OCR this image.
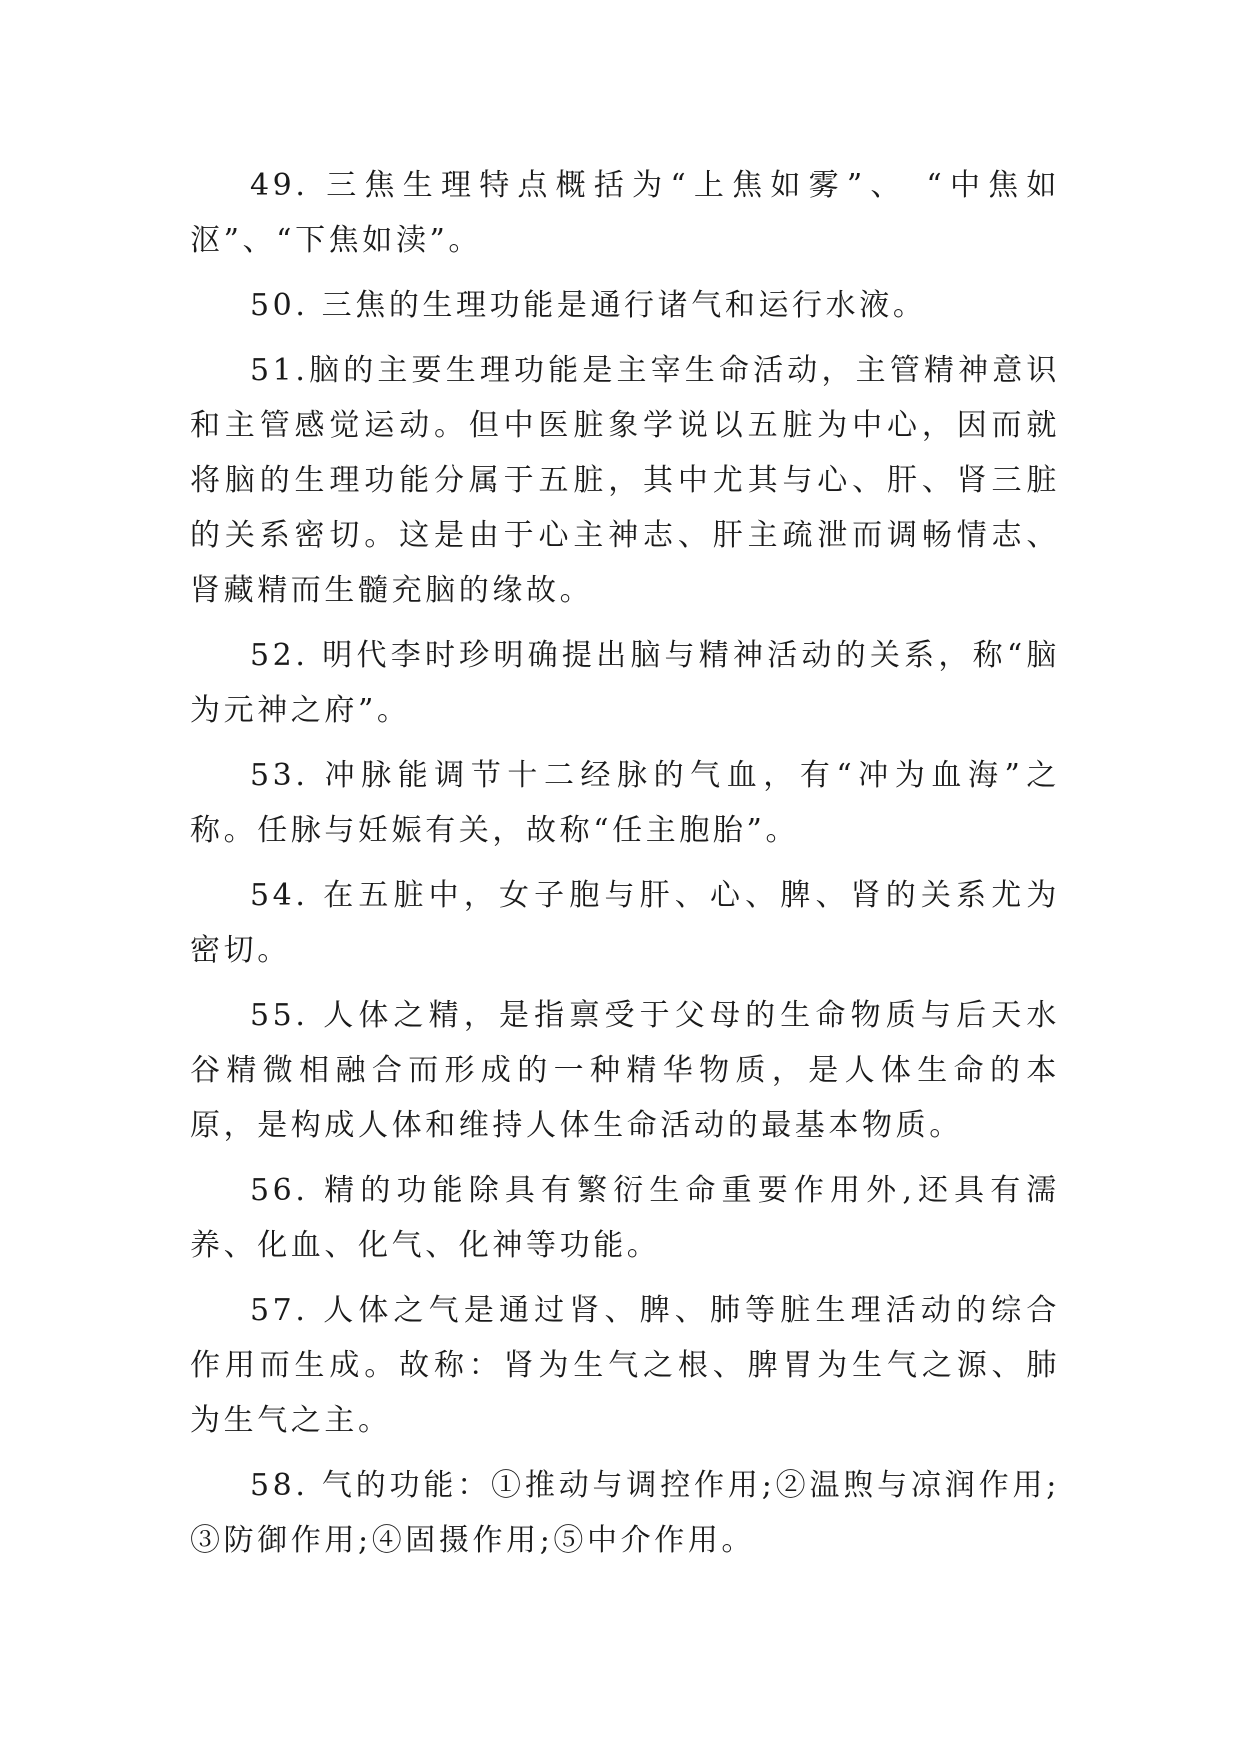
49. 三焦生理特点概括为“上焦如雾”、 “中焦如沤”、“下焦如渎”。

50. 三焦的生理功能是通行诸气和运行水液。

51.脑的主要生理功能是主宰生命活动，主管精神意识和主管感觉运动。但中医脏象学说以五脏为中心，因而就将脑的生理功能分属于五脏，其中尤其与心、肝、肾三脏的关系密切。这是由于心主神志、肝主疏泄而调畅情志、肾藏精而生髓充脑的缘故。

52. 明代李时珍明确提出脑与精神活动的关系，称“脑为元神之府”。

53. 冲脉能调节十二经脉的气血，有“冲为血海”之称。任脉与妊娠有关，故称“任主胞胎”。

54. 在五脏中，女子胞与肝、心、脾、肾的关系尤为密切。

55. 人体之精，是指禀受于父母的生命物质与后天水谷精微相融合而形成的一种精华物质，是人体生命的本原，是构成人体和维持人体生命活动的最基本物质。

56. 精的功能除具有繁衍生命重要作用外,还具有濡养、化血、化气、化神等功能。

57. 人体之气是通过肾、脾、肺等脏生理活动的综合作用而生成。故称：肾为生气之根、脾胃为生气之源、肺为生气之主。

58. 气的功能：①推动与调控作用;②温煦与凉润作用;③防御作用;④固摄作用;⑤中介作用。
